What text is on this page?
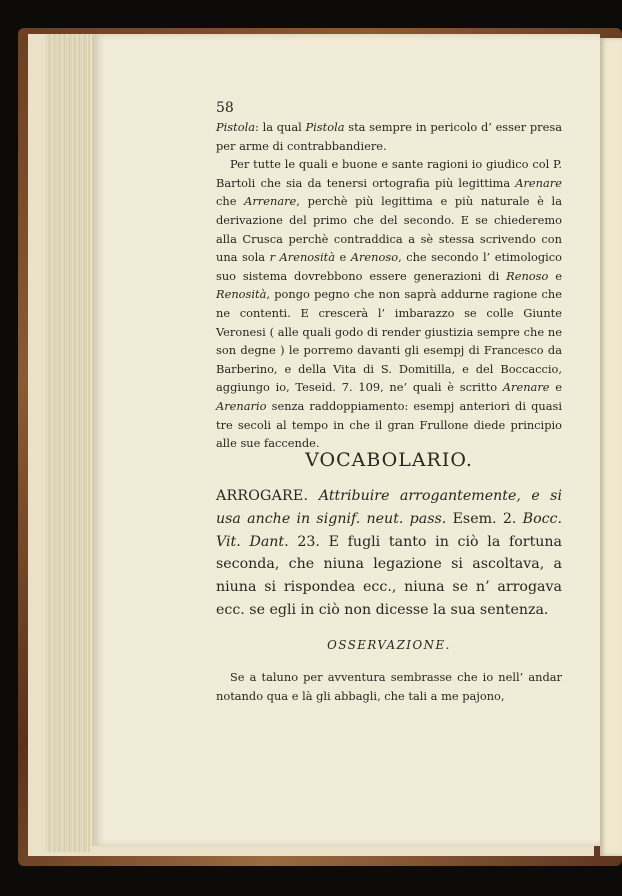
58

Pistola: la qual Pistola sta sempre in pericolo d’ esser presa per arme di contrabbandiere.

Per tutte le quali e buone e sante ragioni io giudico col P. Bartoli che sia da tenersi ortografia più legittima Arenare che Arrenare, perchè più legittima e più naturale è la derivazione del primo che del secondo. E se chiederemo alla Crusca perchè contraddica a sè stessa scrivendo con una sola r Arenosità e Arenoso, che secondo l’ etimologico suo sistema dovrebbono essere generazioni di Renoso e Renosità, pongo pegno che non saprà addurne ragione che ne contenti. E crescerà l’ imbarazzo se colle Giunte Veronesi ( alle quali godo di render giustizia sempre che ne son degne ) le porremo davanti gli esempj di Francesco da Barberino, e della Vita di S. Domitilla, e del Boccaccio, aggiungo io, Teseid. 7. 109, ne’ quali è scritto Arenare e Arenario senza raddoppiamento: esempj anteriori di quasi tre secoli al tempo in che il gran Frullone diede principio alle sue faccende.

VOCABOLARIO.

ARROGARE. Attribuire arrogantemente, e si usa anche in signif. neut. pass. Esem. 2. Bocc. Vit. Dant. 23. E fugli tanto in ciò la fortuna seconda, che niuna legazione si ascoltava, a niuna si rispondea ecc., niuna se n’ arrogava ecc. se egli in ciò non dicesse la sua sentenza.

OSSERVAZIONE.

Se a taluno per avventura sembrasse che io nell’ andar notando qua e là gli abbagli, che tali a me pajono,
